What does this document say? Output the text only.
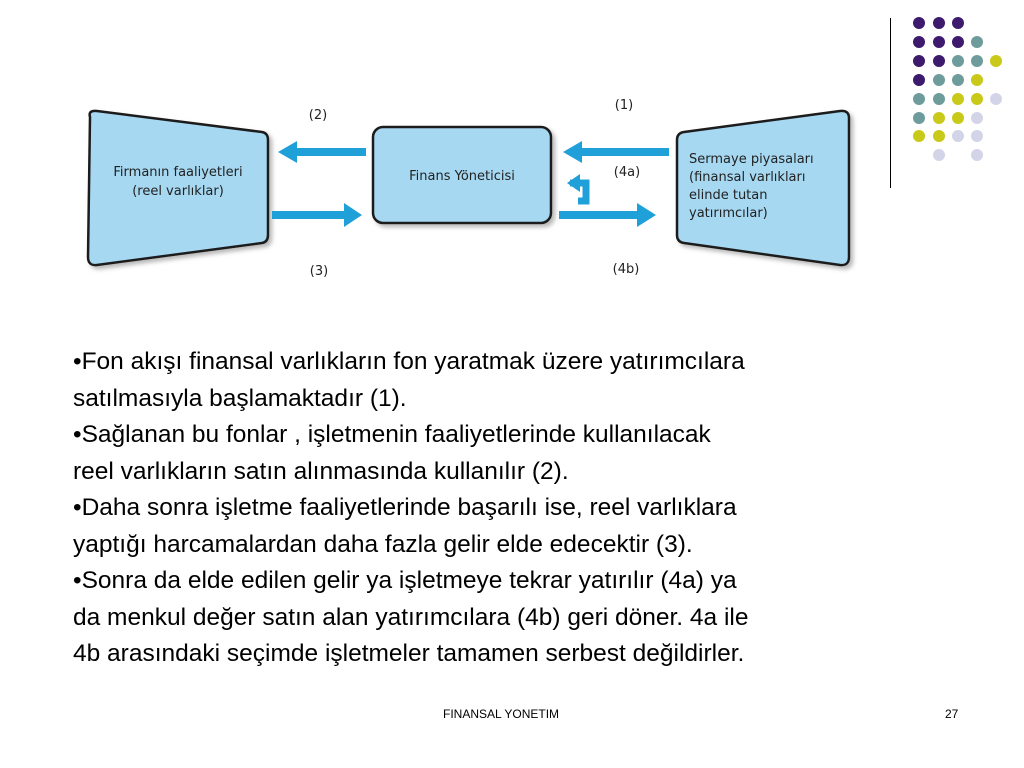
Firmanın faaliyetleri
(reel varlıklar)
Finans Yöneticisi
Sermaye piyasaları
(finansal varlıkları
elinde tutan
yatırımcılar)
(2)
(1)
(4a)
(3)	(4b)

•Fon akışı finansal varlıkların fon yaratmak üzere yatırımcılara
satılmasıyla başlamaktadır (1).

•Sağlanan bu fonlar , işletmenin faaliyetlerinde kullanılacak
reel varlıkların satın alınmasında kullanılır (2).

•Daha sonra işletme faaliyetlerinde başarılı ise, reel varlıklara
yaptığı harcamalardan daha fazla gelir elde edecektir (3).

•Sonra da elde edilen gelir ya işletmeye tekrar yatırılır (4a) ya
da menkul değer satın alan yatırımcılara (4b) geri döner. 4a ile
4b arasındaki seçimde işletmeler tamamen serbest değildirler.

FINANSAL YONETIM	27
